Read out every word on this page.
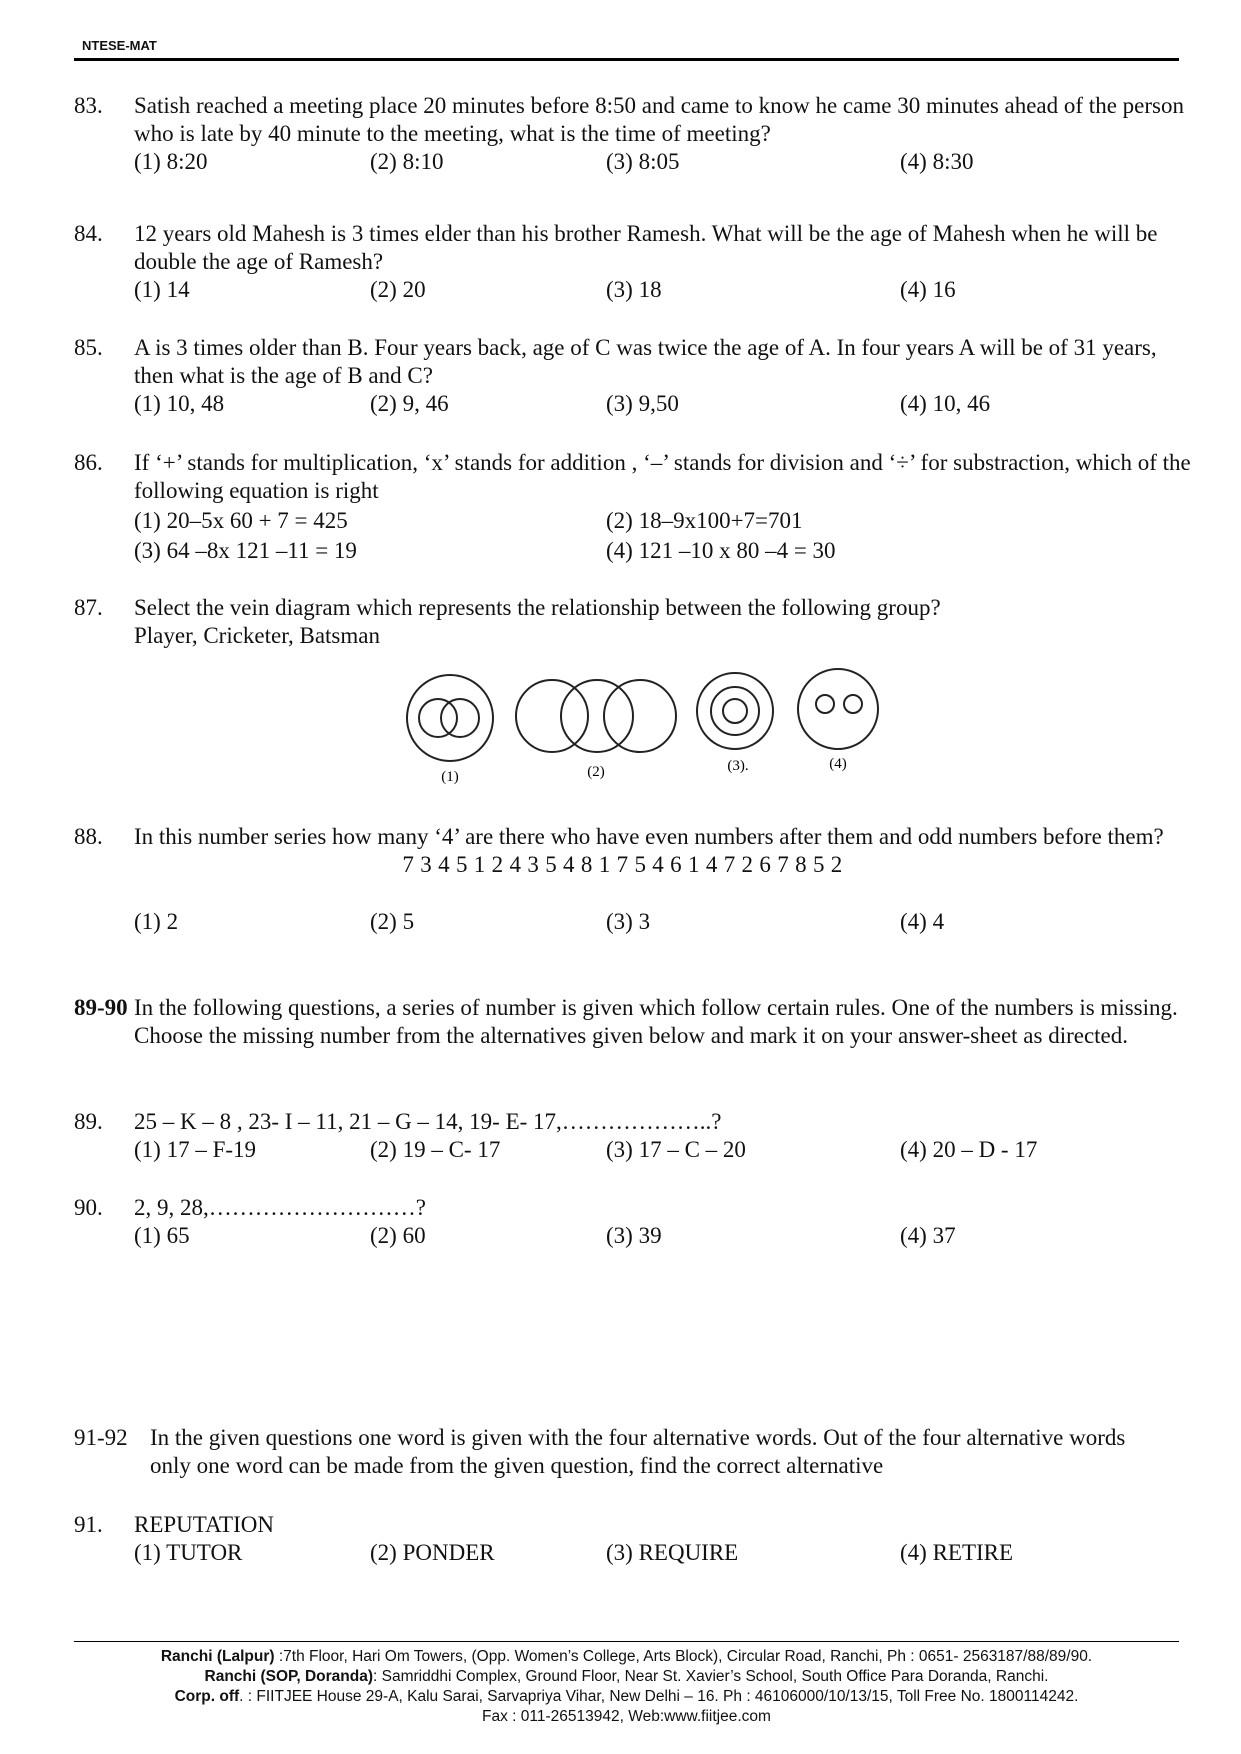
NTESE-MAT
83. Satish reached a meeting place 20 minutes before 8:50 and came to know he came 30 minutes ahead of the person who is late by 40 minute to the meeting, what is the time of meeting?
(1) 8:20	(2) 8:10	(3) 8:05	(4) 8:30
84. 12 years old Mahesh is 3 times elder than his brother Ramesh. What will be the age of Mahesh when he will be double the age of Ramesh?
(1) 14	(2) 20	(3) 18	(4) 16
85. A is 3 times older than B. Four years back, age of C was twice the age of A. In four years A will be of 31 years, then what is the age of B and C?
(1) 10, 48	(2) 9, 46	(3) 9,50	(4) 10, 46
86. If ‘+’ stands for multiplication, ‘x’ stands for addition , ‘–’ stands for division and ‘÷’ for substraction, which of the following equation is right
(1) 20–5x 60 + 7 = 425	(2) 18–9x100+7=701
(3) 64 –8x 121 –11 = 19	(4) 121 –10 x 80 –4 = 30
87. Select the vein diagram which represents the relationship between the following group?
Player, Cricketer, Batsman
(1)	(2)	(3).	(4)
88. In this number series how many ‘4’ are there who have even numbers after them and odd numbers before them?
7 3 4 5 1 2 4 3 5 4 8 1 7 5 4 6 1 4 7 2 6 7 8 5 2
(1) 2	(2) 5	(3) 3	(4) 4
89-90 In the following questions, a series of number is given which follow certain rules. One of the numbers is missing. Choose the missing number from the alternatives given below and mark it on your answer-sheet as directed.
89. 25 – K – 8 , 23- I – 11, 21 – G – 14, 19- E- 17,………………..?
(1) 17 – F-19	(2) 19 – C- 17	(3) 17 – C – 20	(4) 20 – D - 17
90. 2, 9, 28,………………………?
(1) 65	(2) 60	(3) 39	(4) 37
91-92 In the given questions one word is given with the four alternative words. Out of the four alternative words only one word can be made from the given question, find the correct alternative
91. REPUTATION
(1) TUTOR	(2) PONDER	(3) REQUIRE	(4) RETIRE
Ranchi (Lalpur) :7th Floor, Hari Om Towers, (Opp. Women’s College, Arts Block), Circular Road, Ranchi, Ph : 0651- 2563187/88/89/90.
Ranchi (SOP, Doranda): Samriddhi Complex, Ground Floor, Near St. Xavier’s School, South Office Para Doranda, Ranchi.
Corp. off. : FIITJEE House 29-A, Kalu Sarai, Sarvapriya Vihar, New Delhi – 16. Ph : 46106000/10/13/15, Toll Free No. 1800114242.
Fax : 011-26513942, Web:www.fiitjee.com
